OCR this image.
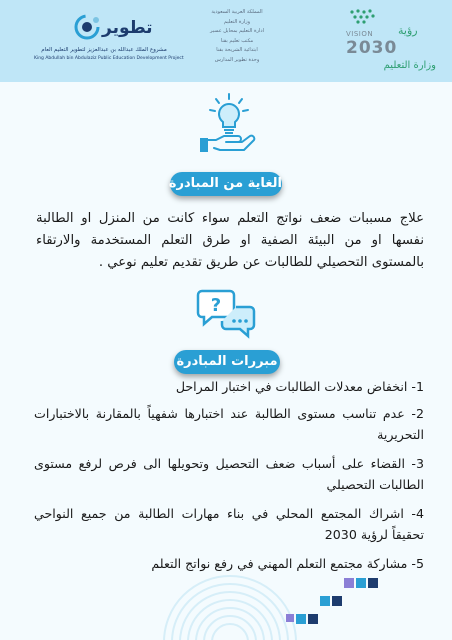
تطوير
مشروع الملك عبدالله بن عبدالعزيز لتطوير التعليم العام
King Abdullah bin Abdulaziz Public Education Development Project
المملكة العربية السعودية
وزارة التعليم
ادارة التعليم بمحايل عسير
مكتب تعليم بقنا
ابتدائية الشريحة بقنا
وحدة تطوير المدارس
VISION رؤية
2030
وزارة التعليم
الغاية من المبادرة

علاج مسببات ضعف نواتج التعلم سواء كانت من المنزل او الطالبة نفسها او من البيئة الصفية او طرق التعلم المستخدمة والارتقاء بالمستوى التحصيلي للطالبات عن طريق تقديم تعليم نوعي .

?
مبررات المبادرة
1- انخفاض معدلات الطالبات في اختبار المراحل
2- عدم تناسب مستوى الطالبة عند اختبارها شفهياً بالمقارنة بالاختبارات التحريرية
3- القضاء على أسباب ضعف التحصيل وتحويلها الى فرص لرفع مستوى الطالبات التحصيلي
4- اشراك المجتمع المحلي في بناء مهارات الطالبة من جميع النواحي تحقيقاً لرؤية 2030
5- مشاركة مجتمع التعلم المهني في رفع نواتج التعلم
